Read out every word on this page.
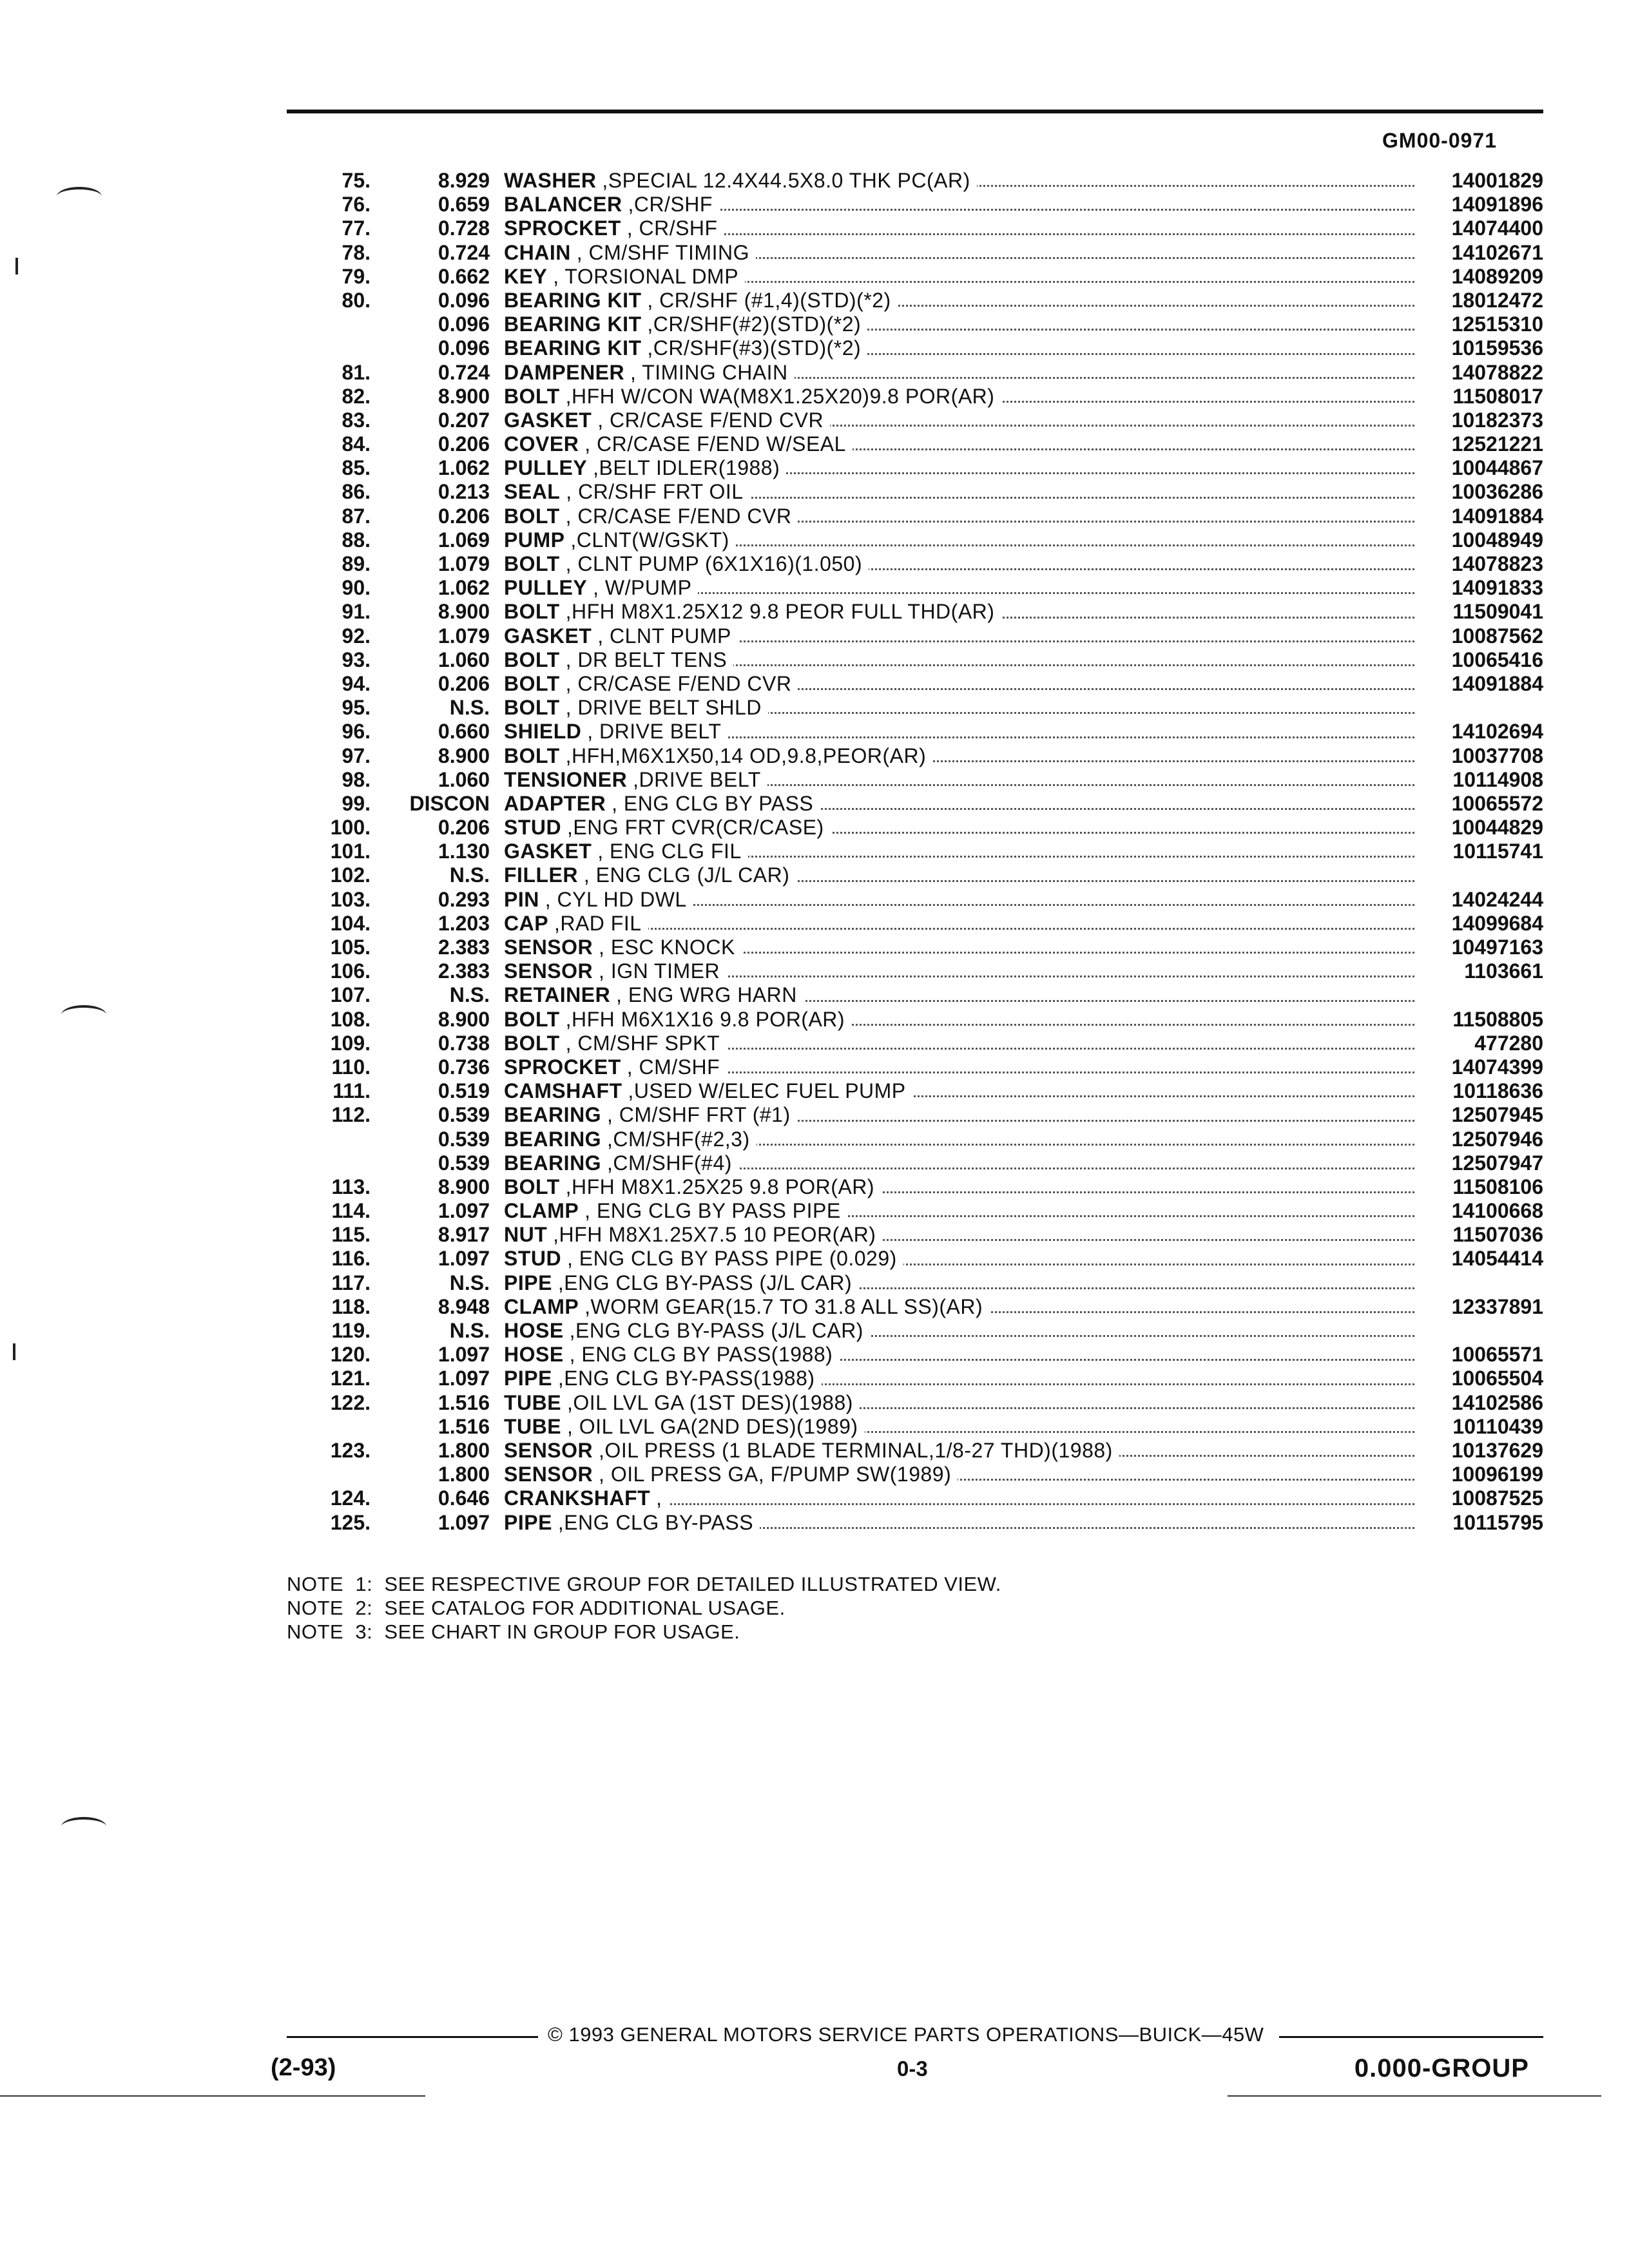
GM00-0971
75.	8.929 WASHER ,SPECIAL 12.4X44.5X8.0 THK PC(AR)	14001829
76.	0.659 BALANCER ,CR/SHF	14091896
77.	0.728 SPROCKET , CR/SHF	14074400
78.	0.724 CHAIN , CM/SHF TIMING	14102671
79.	0.662 KEY , TORSIONAL DMP	14089209
80.	0.096 BEARING KIT , CR/SHF (#1,4)(STD)(*2)	18012472
0.096 BEARING KIT ,CR/SHF(#2)(STD)(*2)	12515310
0.096 BEARING KIT ,CR/SHF(#3)(STD)(*2)	10159536
81.	0.724 DAMPENER , TIMING CHAIN	14078822
82.	8.900 BOLT ,HFH W/CON WA(M8X1.25X20)9.8 POR(AR)	11508017
83.	0.207 GASKET , CR/CASE F/END CVR	10182373
84.	0.206 COVER , CR/CASE F/END W/SEAL	12521221
85.	1.062 PULLEY ,BELT IDLER(1988)	10044867
86.	0.213 SEAL , CR/SHF FRT OIL	10036286
87.	0.206 BOLT , CR/CASE F/END CVR	14091884
88.	1.069 PUMP ,CLNT(W/GSKT)	10048949
89.	1.079 BOLT , CLNT PUMP (6X1X16)(1.050)	14078823
90.	1.062 PULLEY , W/PUMP	14091833
91.	8.900 BOLT ,HFH M8X1.25X12 9.8 PEOR FULL THD(AR)	11509041
92.	1.079 GASKET , CLNT PUMP	10087562
93.	1.060 BOLT , DR BELT TENS	10065416
94.	0.206 BOLT , CR/CASE F/END CVR	14091884
95.	N.S. BOLT , DRIVE BELT SHLD
96.	0.660 SHIELD , DRIVE BELT	14102694
97.	8.900 BOLT ,HFH,M6X1X50,14 OD,9.8,PEOR(AR)	10037708
98.	1.060 TENSIONER ,DRIVE BELT	10114908
99.	DISCON ADAPTER , ENG CLG BY PASS	10065572
100.	0.206 STUD ,ENG FRT CVR(CR/CASE)	10044829
101.	1.130 GASKET , ENG CLG FIL	10115741
102.	N.S. FILLER , ENG CLG (J/L CAR)
103.	0.293 PIN , CYL HD DWL	14024244
104.	1.203 CAP ,RAD FIL	14099684
105.	2.383 SENSOR , ESC KNOCK	10497163
106.	2.383 SENSOR , IGN TIMER	1103661
107.	N.S. RETAINER , ENG WRG HARN
108.	8.900 BOLT ,HFH M6X1X16 9.8 POR(AR)	11508805
109.	0.738 BOLT , CM/SHF SPKT	477280
110.	0.736 SPROCKET , CM/SHF	14074399
111.	0.519 CAMSHAFT ,USED W/ELEC FUEL PUMP	10118636
112.	0.539 BEARING , CM/SHF FRT (#1)	12507945
0.539 BEARING ,CM/SHF(#2,3)	12507946
0.539 BEARING ,CM/SHF(#4)	12507947
113.	8.900 BOLT ,HFH M8X1.25X25 9.8 POR(AR)	11508106
114.	1.097 CLAMP , ENG CLG BY PASS PIPE	14100668
115.	8.917 NUT ,HFH M8X1.25X7.5 10 PEOR(AR)	11507036
116.	1.097 STUD , ENG CLG BY PASS PIPE (0.029)	14054414
117.	N.S. PIPE ,ENG CLG BY-PASS (J/L CAR)
118.	8.948 CLAMP ,WORM GEAR(15.7 TO 31.8 ALL SS)(AR)	12337891
119.	N.S. HOSE ,ENG CLG BY-PASS (J/L CAR)
120.	1.097 HOSE , ENG CLG BY PASS(1988)	10065571
121.	1.097 PIPE ,ENG CLG BY-PASS(1988)	10065504
122.	1.516 TUBE ,OIL LVL GA (1ST DES)(1988)	14102586
1.516 TUBE , OIL LVL GA(2ND DES)(1989)	10110439
123.	1.800 SENSOR ,OIL PRESS (1 BLADE TERMINAL,1/8-27 THD)(1988)	10137629
1.800 SENSOR , OIL PRESS GA, F/PUMP SW(1989)	10096199
124.	0.646 CRANKSHAFT ,	10087525
125.	1.097 PIPE ,ENG CLG BY-PASS	10115795
NOTE  1:  SEE RESPECTIVE GROUP FOR DETAILED ILLUSTRATED VIEW.
NOTE  2:  SEE CATALOG FOR ADDITIONAL USAGE.
NOTE  3:  SEE CHART IN GROUP FOR USAGE.
© 1993 GENERAL MOTORS SERVICE PARTS OPERATIONS—BUICK—45W
(2-93)	0-3	0.000-GROUP
